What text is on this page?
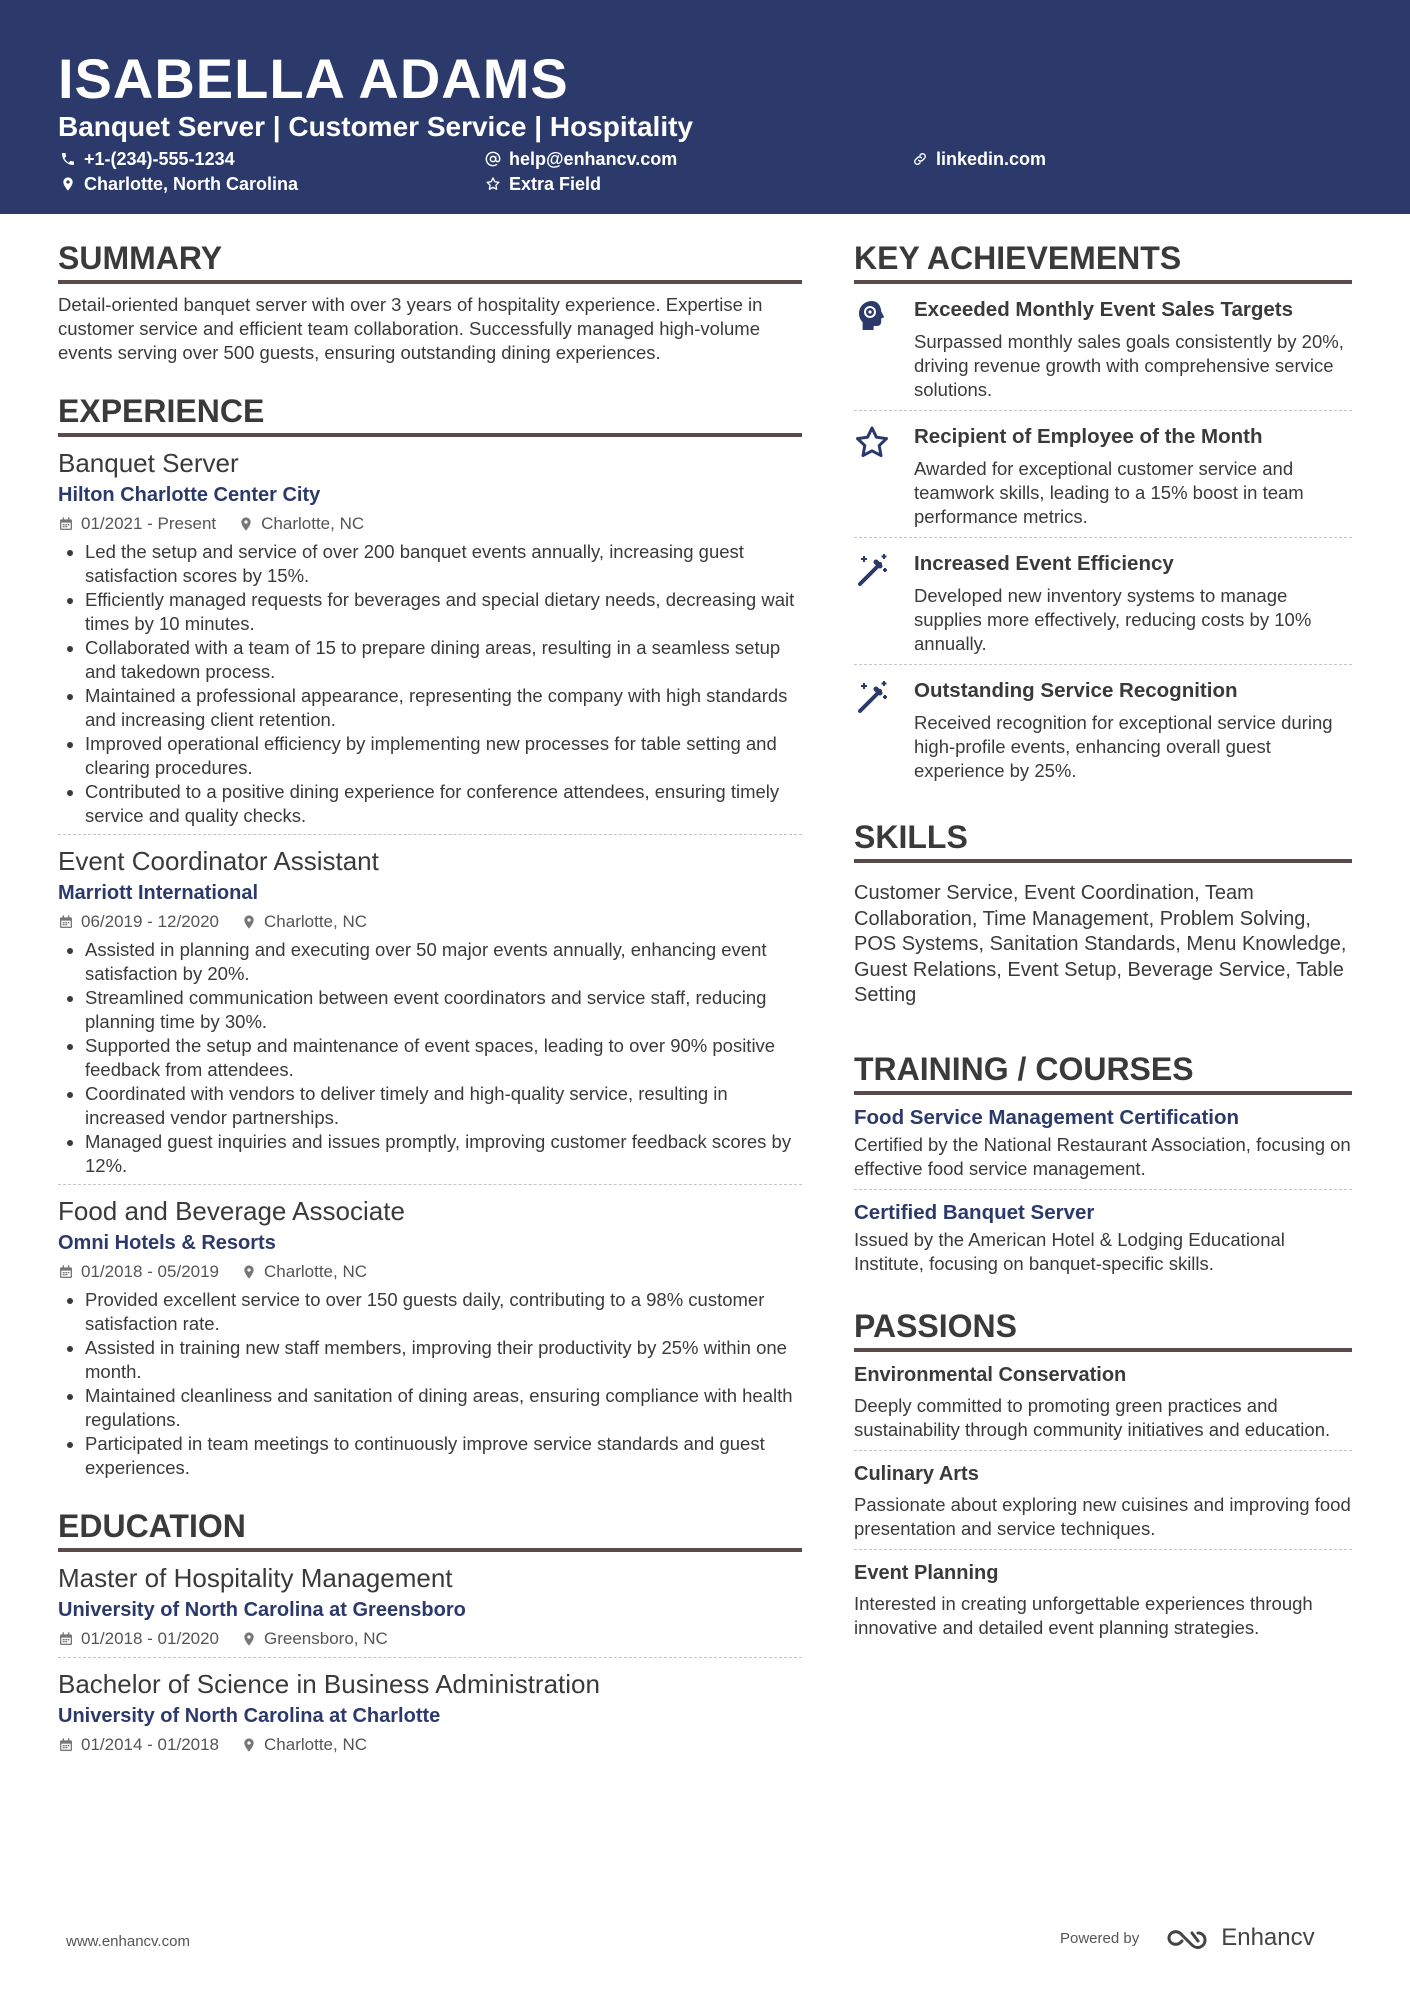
ISABELLA ADAMS
Banquet Server | Customer Service | Hospitality
+1-(234)-555-1234	help@enhancv.com	linkedin.com
Charlotte, North Carolina	Extra Field
SUMMARY
Detail-oriented banquet server with over 3 years of hospitality experience. Expertise in customer service and efficient team collaboration. Successfully managed high-volume events serving over 500 guests, ensuring outstanding dining experiences.
EXPERIENCE
Banquet Server
Hilton Charlotte Center City
01/2021 - Present	Charlotte, NC
• Led the setup and service of over 200 banquet events annually, increasing guest satisfaction scores by 15%.
• Efficiently managed requests for beverages and special dietary needs, decreasing wait times by 10 minutes.
• Collaborated with a team of 15 to prepare dining areas, resulting in a seamless setup and takedown process.
• Maintained a professional appearance, representing the company with high standards and increasing client retention.
• Improved operational efficiency by implementing new processes for table setting and clearing procedures.
• Contributed to a positive dining experience for conference attendees, ensuring timely service and quality checks.
Event Coordinator Assistant
Marriott International
06/2019 - 12/2020	Charlotte, NC
• Assisted in planning and executing over 50 major events annually, enhancing event satisfaction by 20%.
• Streamlined communication between event coordinators and service staff, reducing planning time by 30%.
• Supported the setup and maintenance of event spaces, leading to over 90% positive feedback from attendees.
• Coordinated with vendors to deliver timely and high-quality service, resulting in increased vendor partnerships.
• Managed guest inquiries and issues promptly, improving customer feedback scores by 12%.
Food and Beverage Associate
Omni Hotels & Resorts
01/2018 - 05/2019	Charlotte, NC
• Provided excellent service to over 150 guests daily, contributing to a 98% customer satisfaction rate.
• Assisted in training new staff members, improving their productivity by 25% within one month.
• Maintained cleanliness and sanitation of dining areas, ensuring compliance with health regulations.
• Participated in team meetings to continuously improve service standards and guest experiences.
EDUCATION
Master of Hospitality Management
University of North Carolina at Greensboro
01/2018 - 01/2020	Greensboro, NC
Bachelor of Science in Business Administration
University of North Carolina at Charlotte
01/2014 - 01/2018	Charlotte, NC
KEY ACHIEVEMENTS
Exceeded Monthly Event Sales Targets
Surpassed monthly sales goals consistently by 20%, driving revenue growth with comprehensive service solutions.
Recipient of Employee of the Month
Awarded for exceptional customer service and teamwork skills, leading to a 15% boost in team performance metrics.
Increased Event Efficiency
Developed new inventory systems to manage supplies more effectively, reducing costs by 10% annually.
Outstanding Service Recognition
Received recognition for exceptional service during high-profile events, enhancing overall guest experience by 25%.
SKILLS
Customer Service, Event Coordination, Team Collaboration, Time Management, Problem Solving, POS Systems, Sanitation Standards, Menu Knowledge, Guest Relations, Event Setup, Beverage Service, Table Setting
TRAINING / COURSES
Food Service Management Certification
Certified by the National Restaurant Association, focusing on effective food service management.
Certified Banquet Server
Issued by the American Hotel & Lodging Educational Institute, focusing on banquet-specific skills.
PASSIONS
Environmental Conservation
Deeply committed to promoting green practices and sustainability through community initiatives and education.
Culinary Arts
Passionate about exploring new cuisines and improving food presentation and service techniques.
Event Planning
Interested in creating unforgettable experiences through innovative and detailed event planning strategies.
www.enhancv.com	Powered by	Enhancv
